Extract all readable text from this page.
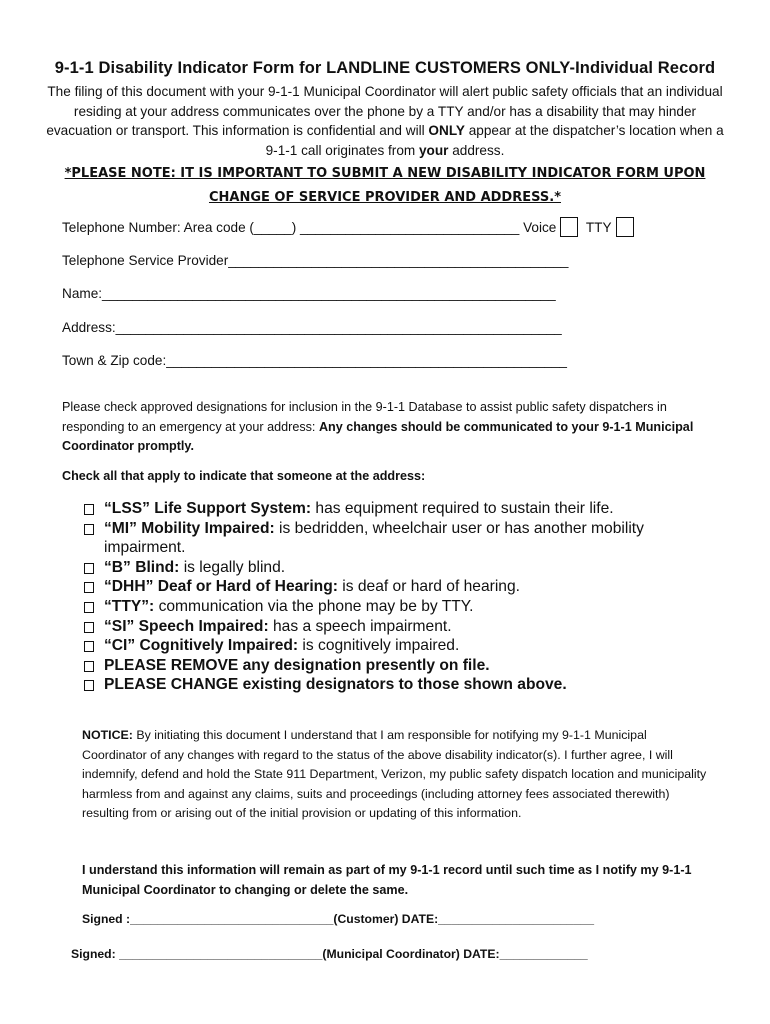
9-1-1 Disability Indicator Form for LANDLINE CUSTOMERS ONLY-Individual Record
The filing of this document with your 9-1-1 Municipal Coordinator will alert public safety officials that an individual residing at your address communicates over the phone by a TTY and/or has a disability that may hinder evacuation or transport. This information is confidential and will ONLY appear at the dispatcher’s location when a 9-1-1 call originates from your address.
*PLEASE NOTE: IT IS IMPORTANT TO SUBMIT A NEW DISABILITY INDICATOR FORM UPON
CHANGE OF SERVICE PROVIDER AND ADDRESS.*
Telephone Number: Area code (_____) _____________________________ Voice TTY
Telephone Service Provider_____________________________________________
Name:____________________________________________________________
Address:___________________________________________________________
Town & Zip code:_____________________________________________________
Please check approved designations for inclusion in the 9-1-1 Database to assist public safety dispatchers in responding to an emergency at your address: Any changes should be communicated to your 9-1-1 Municipal Coordinator promptly.
Check all that apply to indicate that someone at the address:
“LSS” Life Support System: has equipment required to sustain their life.
“MI” Mobility Impaired: is bedridden, wheelchair user or has another mobility impairment.
“B” Blind: is legally blind.
“DHH” Deaf or Hard of Hearing: is deaf or hard of hearing.
“TTY”: communication via the phone may be by TTY.
“SI” Speech Impaired: has a speech impairment.
“CI” Cognitively Impaired: is cognitively impaired.
PLEASE REMOVE any designation presently on file.
PLEASE CHANGE existing designators to those shown above.
NOTICE: By initiating this document I understand that I am responsible for notifying my 9-1-1 Municipal Coordinator of any changes with regard to the status of the above disability indicator(s). I further agree, I will indemnify, defend and hold the State 911 Department, Verizon, my public safety dispatch location and municipality harmless from and against any claims, suits and proceedings (including attorney fees associated therewith) resulting from or arising out of the initial provision or updating of this information.
I understand this information will remain as part of my 9-1-1 record until such time as I notify my 9-1-1 Municipal Coordinator to changing or delete the same.
Signed :______________________________(Customer) DATE:_______________________
Signed: ______________________________(Municipal Coordinator) DATE:_____________
